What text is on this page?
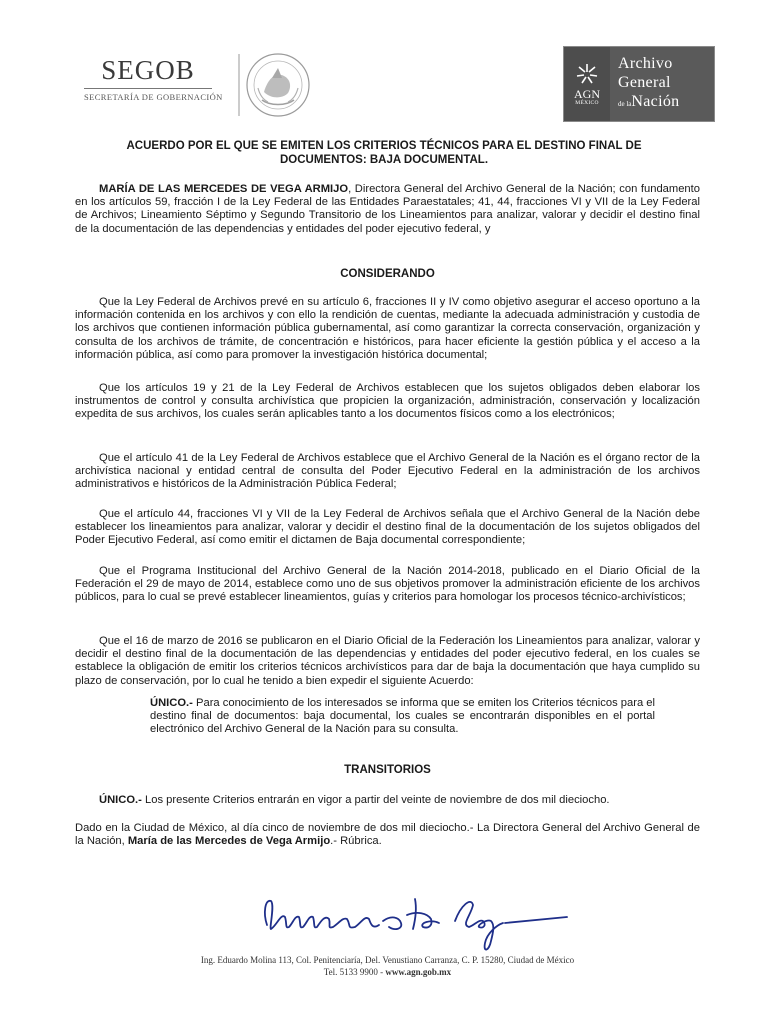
SEGOB
SECRETARÍA DE GOBERNACIÓN	AGN
MÉXICO
Archivo
General
de laNación
ACUERDO POR EL QUE SE EMITEN LOS CRITERIOS TÉCNICOS PARA EL DESTINO FINAL DE
DOCUMENTOS: BAJA DOCUMENTAL.
MARÍA DE LAS MERCEDES DE VEGA ARMIJO, Directora General del Archivo General de la Nación; con fundamento en los artículos 59, fracción I de la Ley Federal de las Entidades Paraestatales; 41, 44, fracciones VI y VII de la Ley Federal de Archivos; Lineamiento Séptimo y Segundo Transitorio de los Lineamientos para analizar, valorar y decidir el destino final de la documentación de las dependencias y entidades del poder ejecutivo federal, y
CONSIDERANDO
Que la Ley Federal de Archivos prevé en su artículo 6, fracciones II y IV como objetivo asegurar el acceso oportuno a la información contenida en los archivos y con ello la rendición de cuentas, mediante la adecuada administración y custodia de los archivos que contienen información pública gubernamental, así como garantizar la correcta conservación, organización y consulta de los archivos de trámite, de concentración e históricos, para hacer eficiente la gestión pública y el acceso a la información pública, así como para promover la investigación histórica documental;
Que los artículos 19 y 21 de la Ley Federal de Archivos establecen que los sujetos obligados deben elaborar los instrumentos de control y consulta archivística que propicien la organización, administración, conservación y localización expedita de sus archivos, los cuales serán aplicables tanto a los documentos físicos como a los electrónicos;
Que el artículo 41 de la Ley Federal de Archivos establece que el Archivo General de la Nación es el órgano rector de la archivística nacional y entidad central de consulta del Poder Ejecutivo Federal en la administración de los archivos administrativos e históricos de la Administración Pública Federal;
Que el artículo 44, fracciones VI y VII de la Ley Federal de Archivos señala que el Archivo General de la Nación debe establecer los lineamientos para analizar, valorar y decidir el destino final de la documentación de los sujetos obligados del Poder Ejecutivo Federal, así como emitir el dictamen de Baja documental correspondiente;
Que el Programa Institucional del Archivo General de la Nación 2014-2018, publicado en el Diario Oficial de la Federación el 29 de mayo de 2014, establece como uno de sus objetivos promover la administración eficiente de los archivos públicos, para lo cual se prevé establecer lineamientos, guías y criterios para homologar los procesos técnico-archivísticos;
Que el 16 de marzo de 2016 se publicaron en el Diario Oficial de la Federación los Lineamientos para analizar, valorar y decidir el destino final de la documentación de las dependencias y entidades del poder ejecutivo federal, en los cuales se establece la obligación de emitir los criterios técnicos archivísticos para dar de baja la documentación que haya cumplido su plazo de conservación, por lo cual he tenido a bien expedir el siguiente Acuerdo:
ÚNICO.- Para conocimiento de los interesados se informa que se emiten los Criterios técnicos para el destino final de documentos: baja documental, los cuales se encontrarán disponibles en el portal electrónico del Archivo General de la Nación para su consulta.
TRANSITORIOS
ÚNICO.- Los presente Criterios entrarán en vigor a partir del veinte de noviembre de dos mil dieciocho.
Dado en la Ciudad de México, al día cinco de noviembre de dos mil dieciocho.- La Directora General del Archivo General de la Nación, María de las Mercedes de Vega Armijo.- Rúbrica.
Ing. Eduardo Molina 113, Col. Penitenciaría, Del. Venustiano Carranza, C. P. 15280, Ciudad de México
Tel. 5133 9900 - www.agn.gob.mx
